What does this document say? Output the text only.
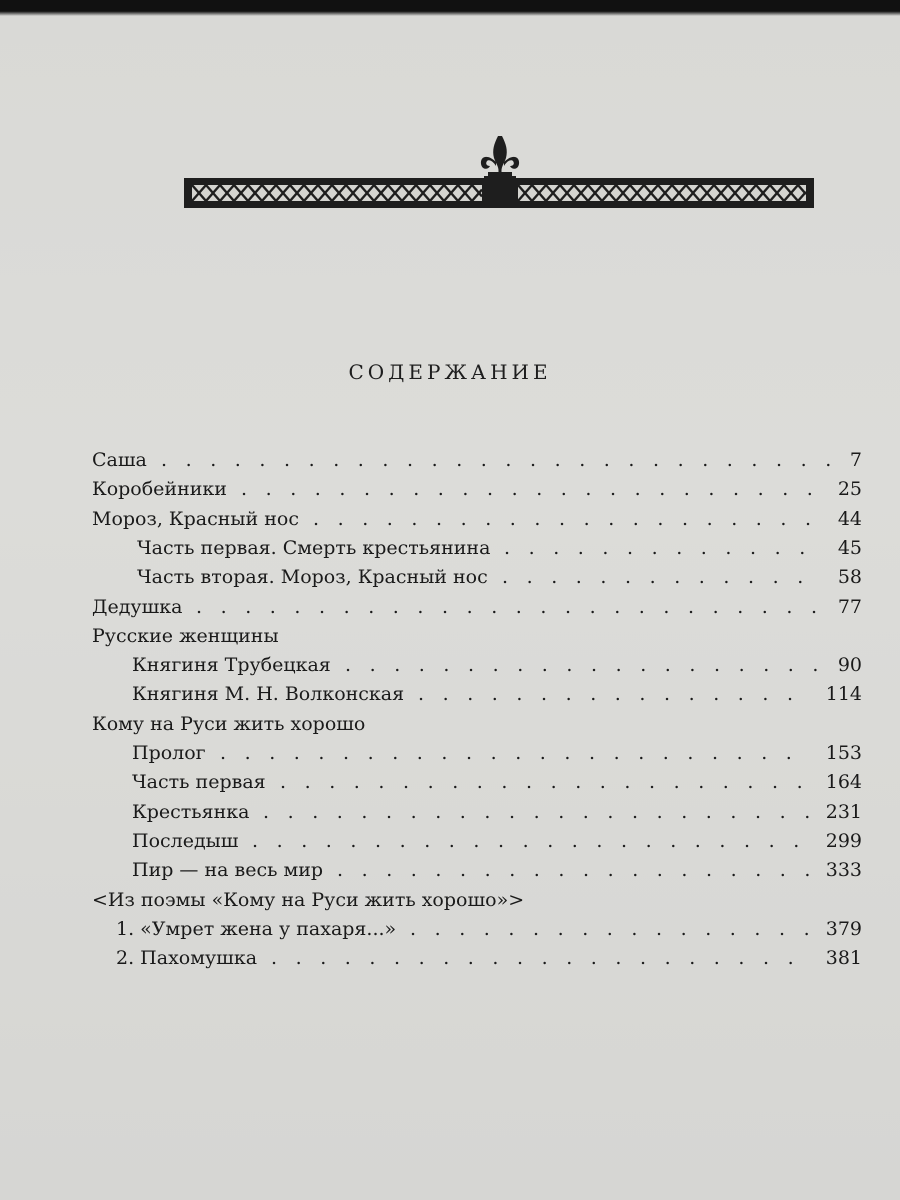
СОДЕРЖАНИЕ
Саша . . . . . . . . . . . . . . . . . . . . . . . . . . . . 7
Коробейники . . . . . . . . . . . . . . . . . . . . . . . . 25
Мороз, Красный нос . . . . . . . . . . . . . . . . . . . . . 44
Часть первая. Смерть крестьянина . . . . . . . . . . . . . 45
Часть вторая. Мороз, Красный нос . . . . . . . . . . . . . 58
Дедушка . . . . . . . . . . . . . . . . . . . . . . . . . . 77
Русские женщины
Княгиня Трубецкая . . . . . . . . . . . . . . . . . . . . 90
Княгиня М. Н. Волконская . . . . . . . . . . . . . . . . 114
Кому на Руси жить хорошо
Пролог . . . . . . . . . . . . . . . . . . . . . . . . 153
Часть первая . . . . . . . . . . . . . . . . . . . . . . 164
Крестьянка . . . . . . . . . . . . . . . . . . . . . . . 231
Последыш . . . . . . . . . . . . . . . . . . . . . . . 299
Пир — на весь мир . . . . . . . . . . . . . . . . . . . . 333
<Из поэмы «Кому на Руси жить хорошо»>
1. «Умрет жена у пахаря...» . . . . . . . . . . . . . . . . . 379
2. Пахомушка . . . . . . . . . . . . . . . . . . . . . . 381
